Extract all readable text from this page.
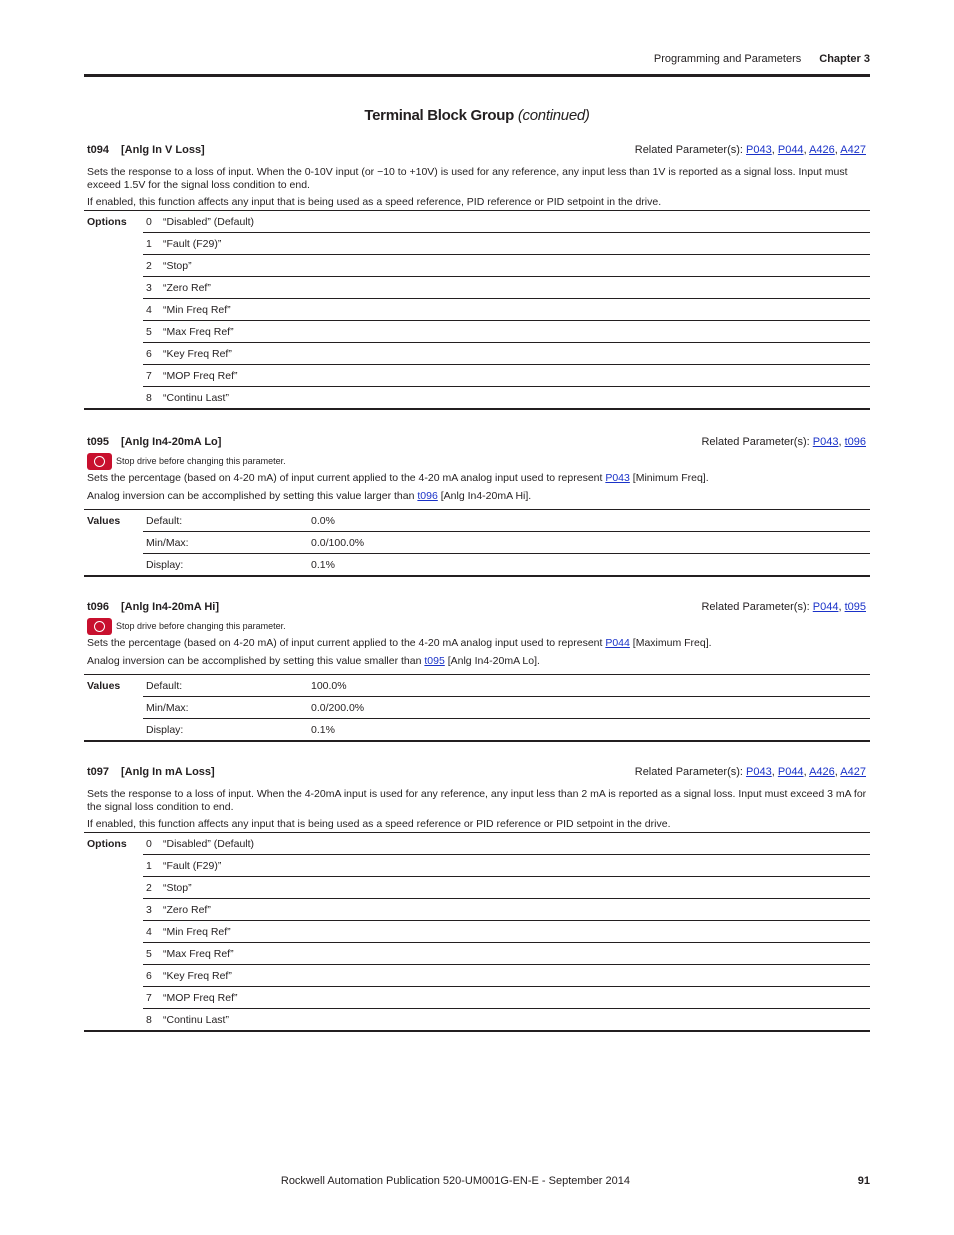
Programming and Parameters Chapter 3
Terminal Block Group (continued)
t094 [Anlg In V Loss]	Related Parameter(s): P043, P044, A426, A427

Sets the response to a loss of input. When the 0-10V input (or −10 to +10V) is used for any reference, any input less than 1V is reported as a signal loss. Input must exceed 1.5V for the signal loss condition to end.

If enabled, this function affects any input that is being used as a speed reference, PID reference or PID setpoint in the drive.

Options	0	“Disabled” (Default)
	1	“Fault (F29)”
	2	“Stop”
	3	“Zero Ref”
	4	“Min Freq Ref”
	5	“Max Freq Ref”
	6	“Key Freq Ref”
	7	“MOP Freq Ref”
	8	“Continu Last”
t095 [Anlg In4-20mA Lo]	Related Parameter(s): P043, t096
Stop drive before changing this parameter.

Sets the percentage (based on 4-20 mA) of input current applied to the 4-20 mA analog input used to represent P043 [Minimum Freq].

Analog inversion can be accomplished by setting this value larger than t096 [Anlg In4-20mA Hi].

Values	Default:	0.0%
	Min/Max:	0.0/100.0%
	Display:	0.1%
t096 [Anlg In4-20mA Hi]	Related Parameter(s): P044, t095
Stop drive before changing this parameter.

Sets the percentage (based on 4-20 mA) of input current applied to the 4-20 mA analog input used to represent P044 [Maximum Freq].

Analog inversion can be accomplished by setting this value smaller than t095 [Anlg In4-20mA Lo].

Values	Default:	100.0%
	Min/Max:	0.0/200.0%
	Display:	0.1%
t097 [Anlg In mA Loss]	Related Parameter(s): P043, P044, A426, A427

Sets the response to a loss of input. When the 4-20mA input is used for any reference, any input less than 2 mA is reported as a signal loss. Input must exceed 3 mA for the signal loss condition to end.

If enabled, this function affects any input that is being used as a speed reference or PID reference or PID setpoint in the drive.

Options	0	“Disabled” (Default)
	1	“Fault (F29)”
	2	“Stop”
	3	“Zero Ref”
	4	“Min Freq Ref”
	5	“Max Freq Ref”
	6	“Key Freq Ref”
	7	“MOP Freq Ref”
	8	“Continu Last”
Rockwell Automation Publication 520-UM001G-EN-E - September 2014	91
